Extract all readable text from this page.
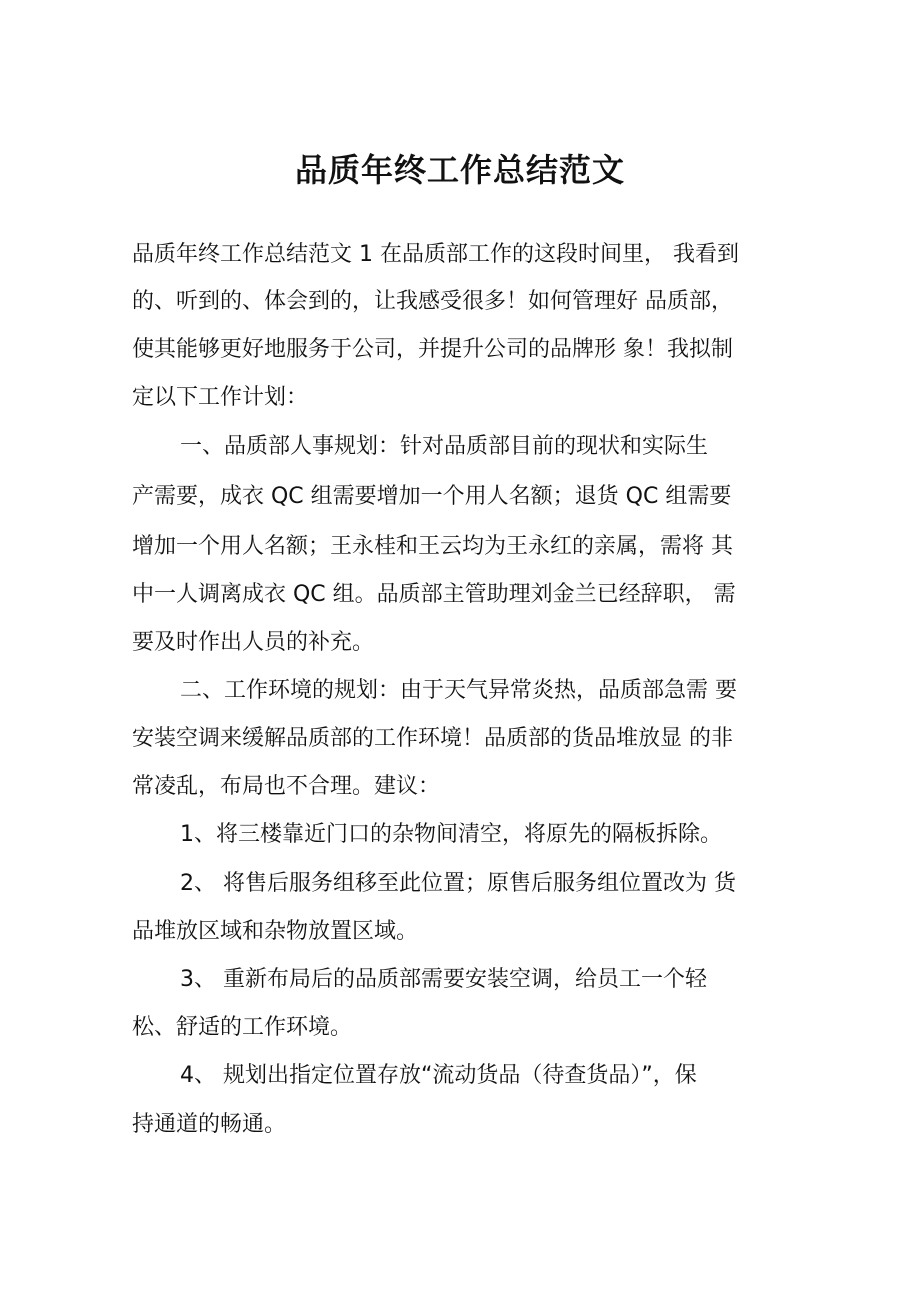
品质年终工作总结范文

品质年终工作总结范文 1 在品质部工作的这段时间里， 我看到

的、听到的、体会到的，让我感受很多！如何管理好 品质部，

使其能够更好地服务于公司，并提升公司的品牌形 象！我拟制

定以下工作计划：

一、品质部人事规划：针对品质部目前的现状和实际生

产需要，成衣 QC 组需要增加一个用人名额；退货 QC 组需要

增加一个用人名额；王永桂和王云均为王永红的亲属，需将 其

中一人调离成衣 QC 组。品质部主管助理刘金兰已经辞职， 需

要及时作出人员的补充。

二、工作环境的规划：由于天气异常炎热，品质部急需 要

安装空调来缓解品质部的工作环境！品质部的货品堆放显 的非

常凌乱，布局也不合理。建议：

1、将三楼靠近门口的杂物间清空，将原先的隔板拆除。

2、 将售后服务组移至此位置；原售后服务组位置改为 货

品堆放区域和杂物放置区域。

3、 重新布局后的品质部需要安装空调，给员工一个轻

松、舒适的工作环境。

4、 规划出指定位置存放“流动货品（待查货品）”，保

持通道的畅通。
